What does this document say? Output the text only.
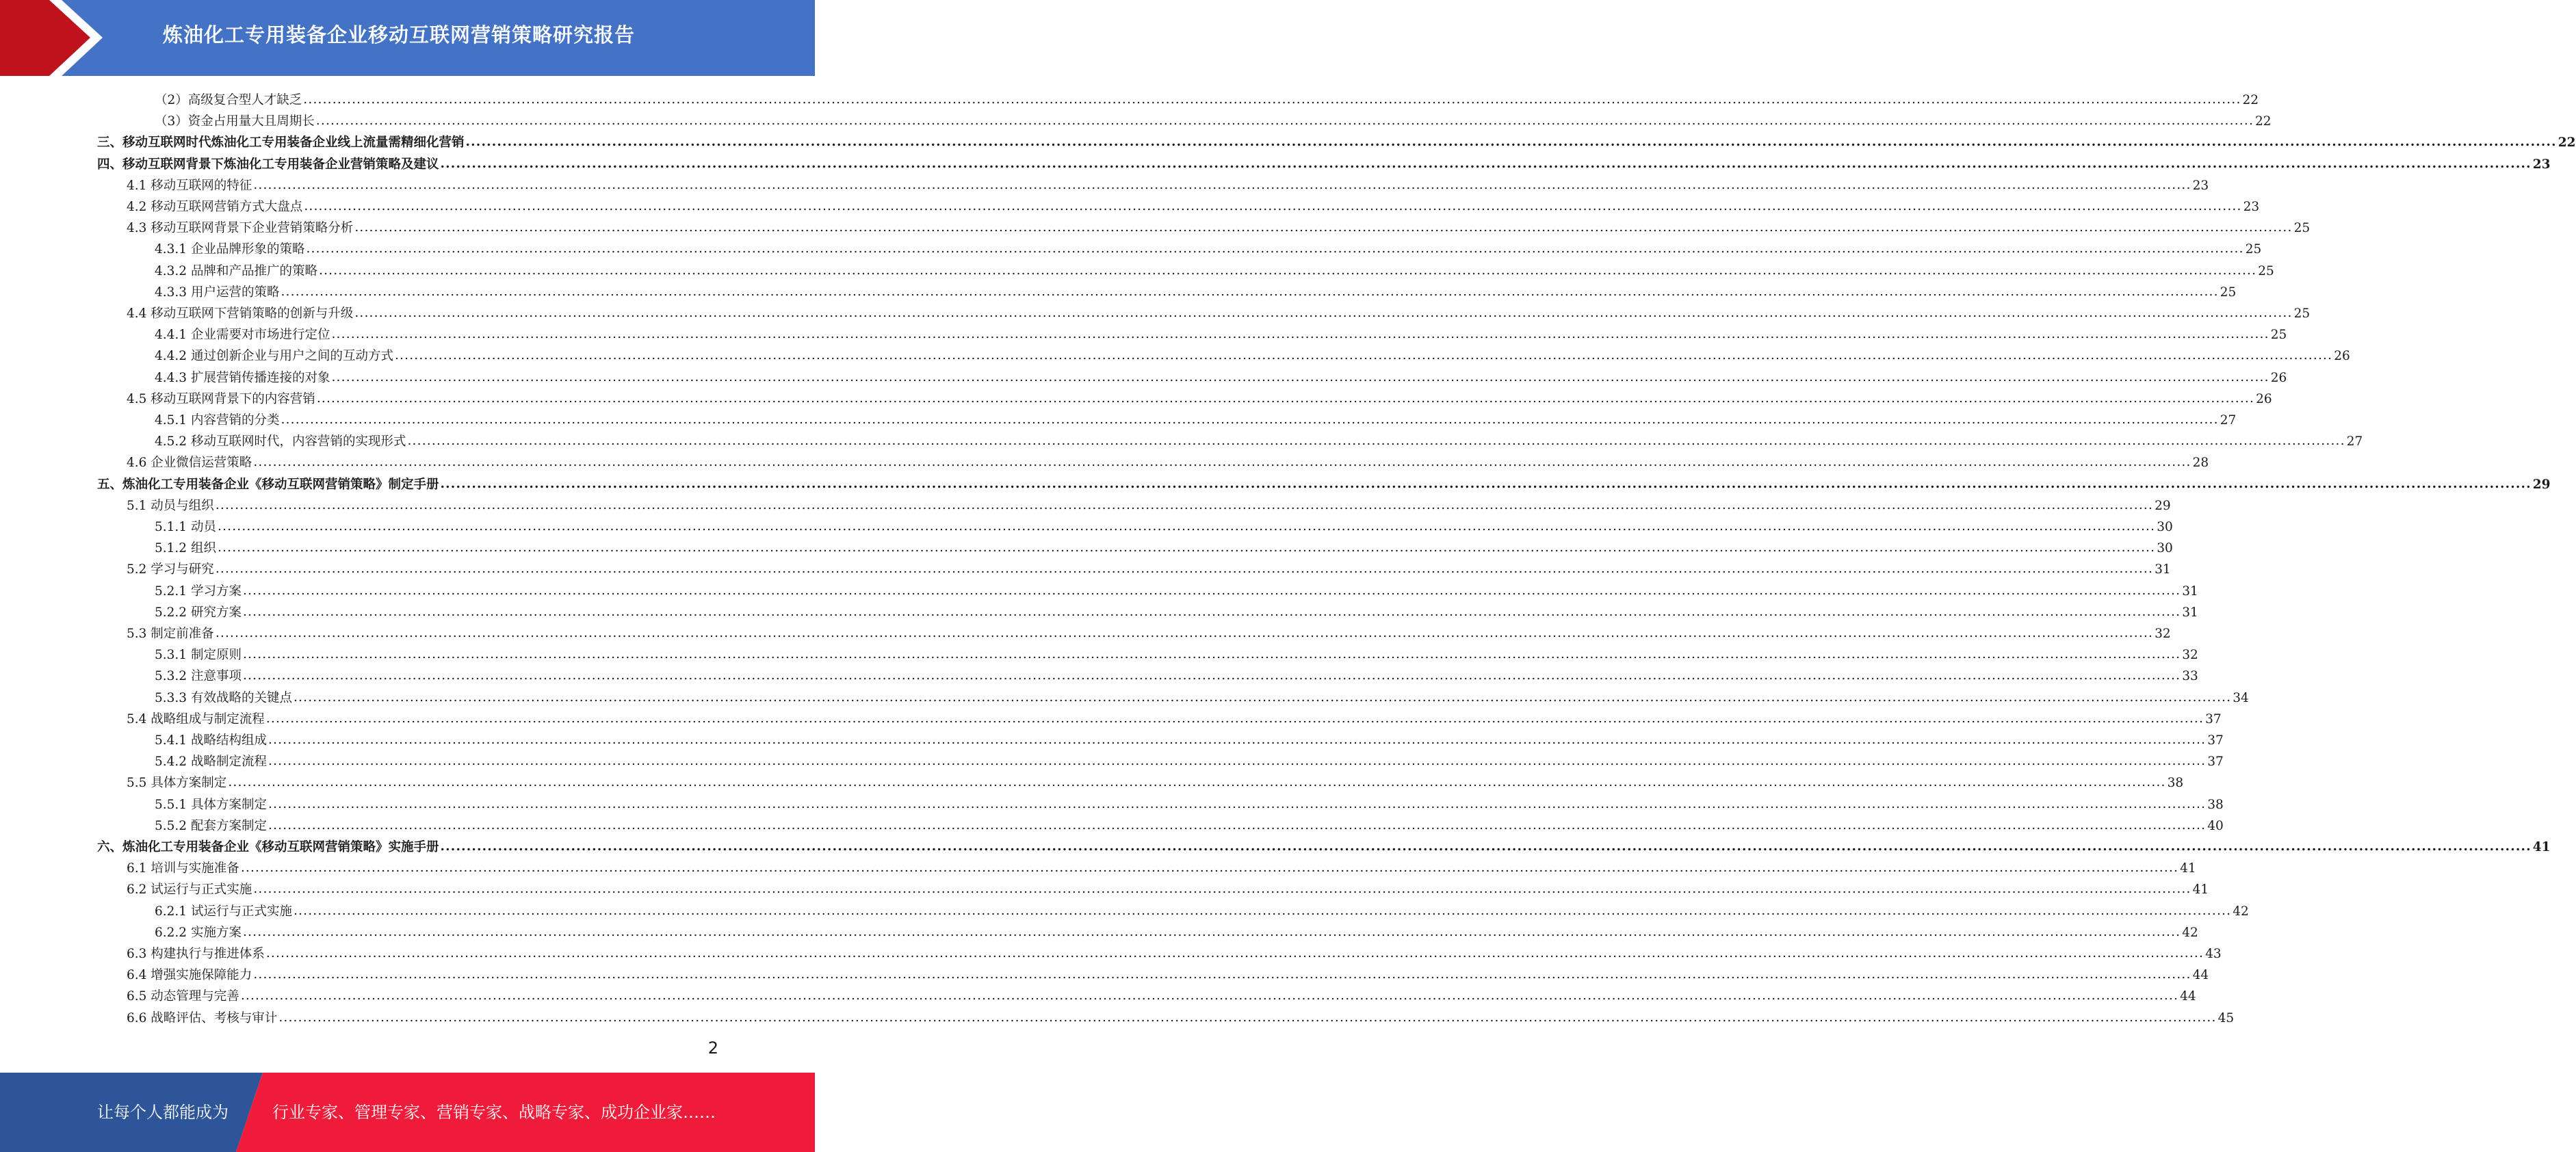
炼油化工专用装备企业移动互联网营销策略研究报告
（2）高级复合型人才缺乏 ................................................................................................................................................................................................................................................................................................................................................................................................................ 22
（3）资金占用量大且周期长 ................................................................................................................................................................................................................................................................................................................................................................................................................ 22
三、移动互联网时代炼油化工专用装备企业线上流量需精细化营销 ................................................................................................................................................................................................................................................................................................................................................................................................................ 22
四、移动互联网背景下炼油化工专用装备企业营销策略及建议 ................................................................................................................................................................................................................................................................................................................................................................................................................ 23
4.1 移动互联网的特征 ................................................................................................................................................................................................................................................................................................................................................................................................................ 23
4.2 移动互联网营销方式大盘点 ................................................................................................................................................................................................................................................................................................................................................................................................................ 23
4.3 移动互联网背景下企业营销策略分析 ................................................................................................................................................................................................................................................................................................................................................................................................................ 25
4.3.1 企业品牌形象的策略 ................................................................................................................................................................................................................................................................................................................................................................................................................ 25
4.3.2 品牌和产品推广的策略 ................................................................................................................................................................................................................................................................................................................................................................................................................ 25
4.3.3 用户运营的策略 ................................................................................................................................................................................................................................................................................................................................................................................................................ 25
4.4 移动互联网下营销策略的创新与升级 ................................................................................................................................................................................................................................................................................................................................................................................................................ 25
4.4.1 企业需要对市场进行定位 ................................................................................................................................................................................................................................................................................................................................................................................................................ 25
4.4.2 通过创新企业与用户之间的互动方式 ................................................................................................................................................................................................................................................................................................................................................................................................................ 26
4.4.3 扩展营销传播连接的对象 ................................................................................................................................................................................................................................................................................................................................................................................................................ 26
4.5 移动互联网背景下的内容营销 ................................................................................................................................................................................................................................................................................................................................................................................................................ 26
4.5.1 内容营销的分类 ................................................................................................................................................................................................................................................................................................................................................................................................................ 27
4.5.2 移动互联网时代，内容营销的实现形式 ................................................................................................................................................................................................................................................................................................................................................................................................................ 27
4.6 企业微信运营策略 ................................................................................................................................................................................................................................................................................................................................................................................................................ 28
五、炼油化工专用装备企业《移动互联网营销策略》制定手册 ................................................................................................................................................................................................................................................................................................................................................................................................................ 29
5.1 动员与组织 ................................................................................................................................................................................................................................................................................................................................................................................................................ 29
5.1.1 动员 ................................................................................................................................................................................................................................................................................................................................................................................................................ 30
5.1.2 组织 ................................................................................................................................................................................................................................................................................................................................................................................................................ 30
5.2 学习与研究 ................................................................................................................................................................................................................................................................................................................................................................................................................ 31
5.2.1 学习方案 ................................................................................................................................................................................................................................................................................................................................................................................................................ 31
5.2.2 研究方案 ................................................................................................................................................................................................................................................................................................................................................................................................................ 31
5.3 制定前准备 ................................................................................................................................................................................................................................................................................................................................................................................................................ 32
5.3.1 制定原则 ................................................................................................................................................................................................................................................................................................................................................................................................................ 32
5.3.2 注意事项 ................................................................................................................................................................................................................................................................................................................................................................................................................ 33
5.3.3 有效战略的关键点 ................................................................................................................................................................................................................................................................................................................................................................................................................ 34
5.4 战略组成与制定流程 ................................................................................................................................................................................................................................................................................................................................................................................................................ 37
5.4.1 战略结构组成 ................................................................................................................................................................................................................................................................................................................................................................................................................ 37
5.4.2 战略制定流程 ................................................................................................................................................................................................................................................................................................................................................................................................................ 37
5.5 具体方案制定 ................................................................................................................................................................................................................................................................................................................................................................................................................ 38
5.5.1 具体方案制定 ................................................................................................................................................................................................................................................................................................................................................................................................................ 38
5.5.2 配套方案制定 ................................................................................................................................................................................................................................................................................................................................................................................................................ 40
六、炼油化工专用装备企业《移动互联网营销策略》实施手册 ................................................................................................................................................................................................................................................................................................................................................................................................................ 41
6.1 培训与实施准备 ................................................................................................................................................................................................................................................................................................................................................................................................................ 41
6.2 试运行与正式实施 ................................................................................................................................................................................................................................................................................................................................................................................................................ 41
6.2.1 试运行与正式实施 ................................................................................................................................................................................................................................................................................................................................................................................................................ 42
6.2.2 实施方案 ................................................................................................................................................................................................................................................................................................................................................................................................................ 42
6.3 构建执行与推进体系 ................................................................................................................................................................................................................................................................................................................................................................................................................ 43
6.4 增强实施保障能力 ................................................................................................................................................................................................................................................................................................................................................................................................................ 44
6.5 动态管理与完善 ................................................................................................................................................................................................................................................................................................................................................................................................................ 44
6.6 战略评估、考核与审计 ................................................................................................................................................................................................................................................................................................................................................................................................................ 45
2
让每个人都能成为	行业专家、管理专家、营销专家、战略专家、成功企业家……
